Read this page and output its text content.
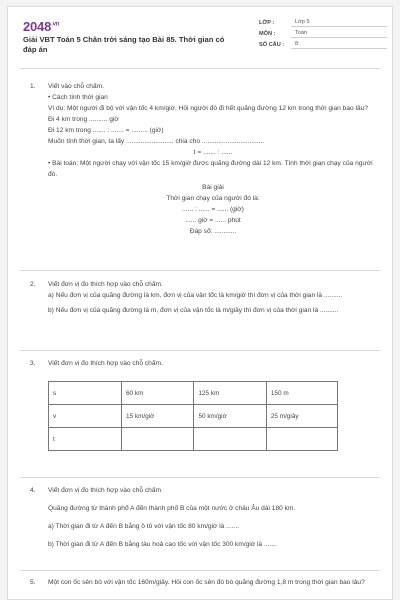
$2048^{.vn}$
Giải VBT Toán 5 Chân trời sáng tạo Bài 85. Thời gian có đáp án
LỚP :	Lớp 5
MÔN :	Toán
SỐ CÂU :	8
1. Viết vào chỗ chấm.
• Cách tính thời gian
Ví dụ: Một người đi bộ với vận tốc 4 km/giờ. Hỏi người đó đi hết quãng đường 12 km trong thời gian bao lâu?
Đi 4 km trong .......... giờ
Đi 12 km trong ....... : ....... = ......... (giờ)
Muốn tính thời gian, ta lấy .......................... chia cho ..................................
t = ....... : ......
• Bài toán: Một người chạy với vận tốc 15 km/giờ được quãng đường dài 12 km. Tính thời gian chạy của người đó.
Bài giải
Thời gian chạy của người đó là:
...... : ...... = ...... (giờ)
...... giờ = ...... phút
Đáp số: ............
2. Viết đơn vị đo thích hợp vào chỗ chấm.
a) Nếu đơn vị của quãng đường là km, đơn vị của vận tốc là km/giờ thì đơn vị của thời gian là ..........
b) Nếu đơn vị của quãng đường là m, đơn vị của vận tốc là m/giây thì đơn vị của thời gian là ..........
3. Viết đơn vị đo thích hợp vào chỗ chấm.
s	60 km	125 km	150 m
v	15 km/giờ	50 km/giờ	25 m/giây
t			
4. Viết đơn vị đo thích hợp vào chỗ chấm
Quãng đường từ thành phố A đến thành phố B của một nước ở châu Âu dài 180 km.
a) Thời gian đi từ A đến B bằng ô tô với vận tốc 80 km/giờ là .......
b) Thời gian đi từ A đến B bằng tàu hoả cao tốc với vận tốc 300 km/giờ là .......
5. Một con ốc sên bò với vận tốc 160m/giây. Hỏi con ốc sên đó bò quãng đường 1,8 m trong thời gian bao lâu?
